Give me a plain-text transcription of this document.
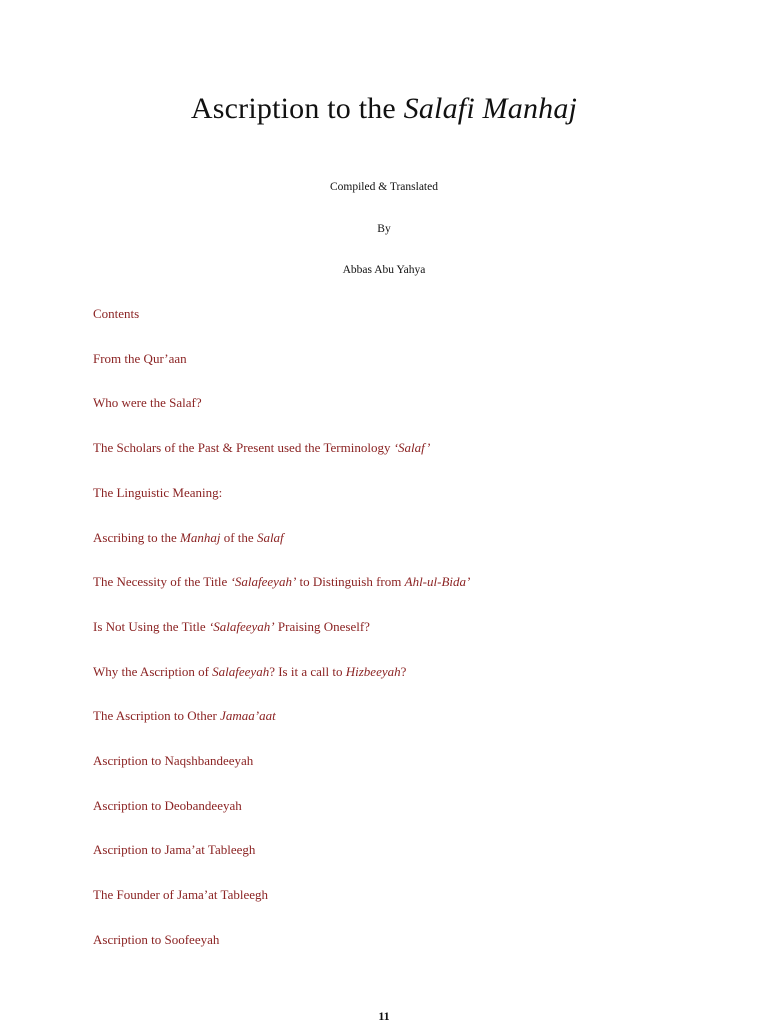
Ascription to the Salafi Manhaj
Compiled & Translated
By
Abbas Abu Yahya
Contents
From the Qur’aan
Who were the Salaf?
The Scholars of the Past & Present used the Terminology ‘Salaf’
The Linguistic Meaning:
Ascribing to the Manhaj of the Salaf
The Necessity of the Title ‘Salafeeyah’ to Distinguish from Ahl-ul-Bida’
Is Not Using the Title ‘Salafeeyah’ Praising Oneself?
Why the Ascription of Salafeeyah? Is it a call to Hizbeeyah?
The Ascription to Other Jamaa’aat
Ascription to Naqshbandeeyah
Ascription to Deobandeeyah
Ascription to Jama’at Tableegh
The Founder of Jama’at Tableegh
Ascription to Soofeeyah
11
